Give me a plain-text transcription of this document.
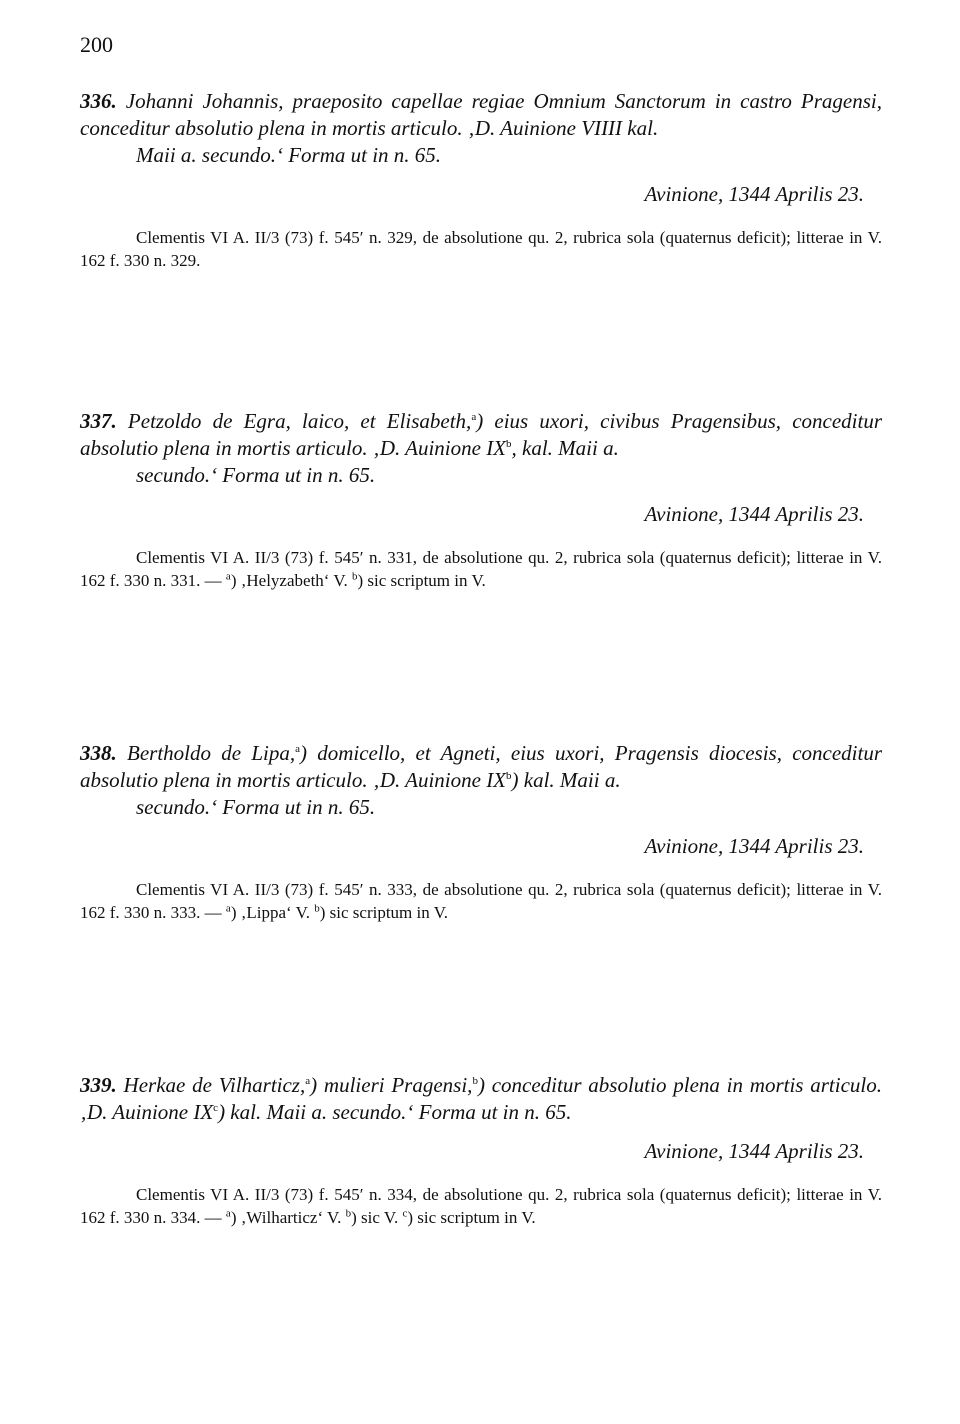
200
336. Johanni Johannis, praeposito capellae regiae Omnium Sanctorum in castro Pragensi, conceditur absolutio plena in mortis articulo. ‚D. Auinione VIIII kal.
Maii a. secundo.‘ Forma ut in n. 65.
Avinione, 1344 Aprilis 23.
Clementis VI A. II/3 (73) f. 545′ n. 329, de absolutione qu. 2, rubrica sola (quaternus deficit); litterae in V. 162 f. 330 n. 329.
337. Petzoldo de Egra, laico, et Elisabeth,$^a$) eius uxori, civibus Pragensibus, conceditur absolutio plena in mortis articulo. ‚D. Auinione $IX^b$, kal. Maii a.
secundo.‘ Forma ut in n. 65.
Avinione, 1344 Aprilis 23.
Clementis VI A. II/3 (73) f. 545′ n. 331, de absolutione qu. 2, rubrica sola (quaternus deficit); litterae in V. 162 f. 330 n. 331. — $^a$) ‚Helyzabeth‘ V. $^b$) sic scriptum in V.
338. Bertholdo de Lipa,$^a$) domicello, et Agneti, eius uxori, Pragensis diocesis, conceditur absolutio plena in mortis articulo. ‚D. Auinione $IX^b$) kal. Maii a.
secundo.‘ Forma ut in n. 65.
Avinione, 1344 Aprilis 23.
Clementis VI A. II/3 (73) f. 545′ n. 333, de absolutione qu. 2, rubrica sola (quaternus deficit); litterae in V. 162 f. 330 n. 333. — $^a$) ‚Lippa‘ V. $^b$) sic scriptum in V.
339. Herkae de Vilharticz,$^a$) mulieri Pragensi,$^b$) conceditur absolutio plena in mortis articulo. ‚D. Auinione $IX^c$) kal. Maii a. secundo.‘ Forma ut in n. 65.
Avinione, 1344 Aprilis 23.
Clementis VI A. II/3 (73) f. 545′ n. 334, de absolutione qu. 2, rubrica sola (quaternus deficit); litterae in V. 162 f. 330 n. 334. — $^a$) ‚Wilharticz‘ V. $^b$) sic V. $^c$) sic scriptum in V.
